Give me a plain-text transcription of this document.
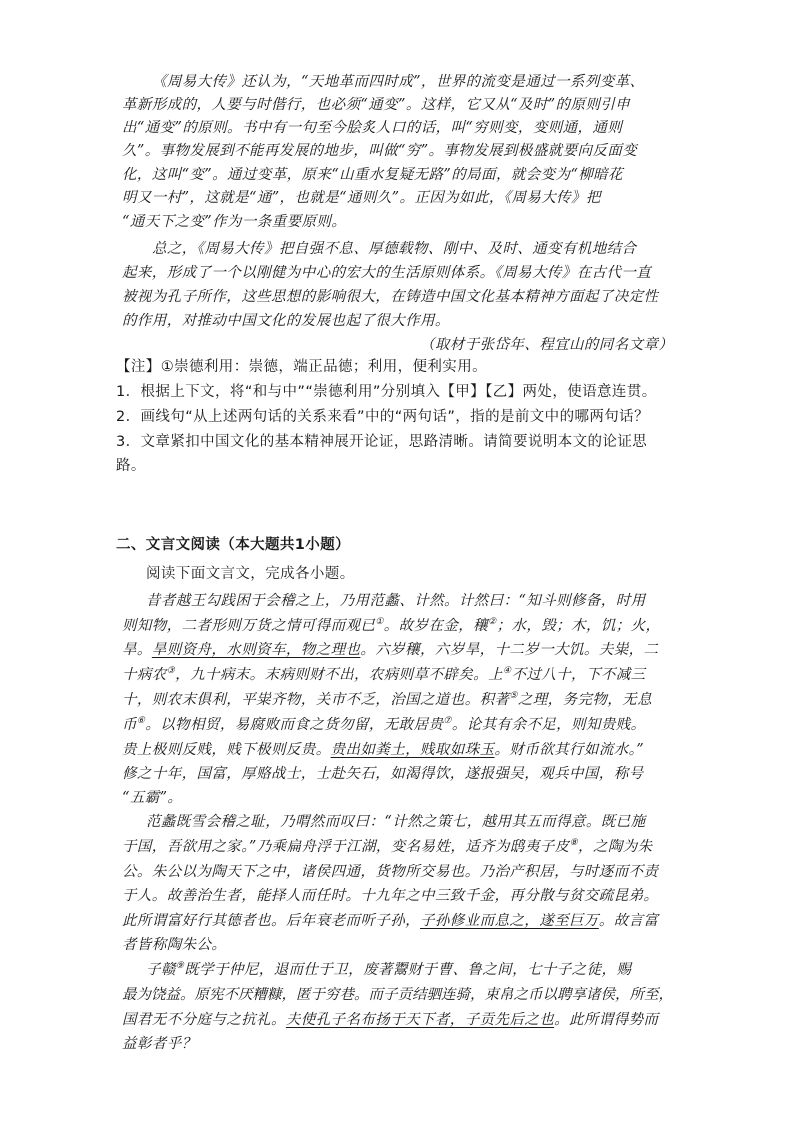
《周易大传》还认为，“天地革而四时成”，世界的流变是通过一系列变革、
革新形成的，人要与时偕行，也必须“通变”。这样，它又从“及时”的原则引申
出“通变”的原则。书中有一句至今脍炙人口的话，叫“穷则变，变则通，通则
久”。事物发展到不能再发展的地步，叫做“穷”。事物发展到极盛就要向反面变
化，这叫“变”。通过变革，原来“山重水复疑无路”的局面，就会变为“柳暗花
明又一村”，这就是“通”，也就是“通则久”。正因为如此，《周易大传》把
“通天下之变”作为一条重要原则。
总之，《周易大传》把自强不息、厚德载物、刚中、及时、通变有机地结合
起来，形成了一个以刚健为中心的宏大的生活原则体系。《周易大传》在古代一直
被视为孔子所作，这些思想的影响很大，在铸造中国文化基本精神方面起了决定性
的作用，对推动中国文化的发展也起了很大作用。
（取材于张岱年、程宜山的同名文章）
【注】①崇德利用：崇德，端正品德；利用，便利实用。
1．根据上下文，将“和与中”“崇德利用”分别填入【甲】【乙】两处，使语意连贯。
2．画线句“从上述两句话的关系来看”中的“两句话”，指的是前文中的哪两句话？
3．文章紧扣中国文化的基本精神展开论证，思路清晰。请简要说明本文的论证思
路。
二、文言文阅读（本大题共1小题）
阅读下面文言文，完成各小题。
昔者越王勾践困于会稽之上，乃用范蠡、计然。计然曰：“知斗则修备，时用
则知物，二者形则万货之情可得而观已①。故岁在金，穰②；水，毁；木，饥；火，
旱。旱则资舟，水则资车，物之理也。六岁穰，六岁旱，十二岁一大饥。夫粜，二
十病农③，九十病末。末病则财不出，农病则草不辟矣。上④不过八十，下不减三
十，则农末俱利，平粜齐物，关市不乏，治国之道也。积著⑤之理，务完物，无息
币⑥。以物相贸，易腐败而食之货勿留，无敢居贵⑦。论其有余不足，则知贵贱。
贵上极则反贱，贱下极则反贵。贵出如粪土，贱取如珠玉。财币欲其行如流水。”
修之十年，国富，厚赂战士，士赴矢石，如渴得饮，遂报强吴，观兵中国，称号
“五霸”。
范蠡既雪会稽之耻，乃喟然而叹曰：“计然之策七，越用其五而得意。既已施
于国，吾欲用之家。”乃乘扁舟浮于江湖，变名易姓，适齐为鸱夷子皮⑧，之陶为朱
公。朱公以为陶天下之中，诸侯四通，货物所交易也。乃治产积居，与时逐而不责
于人。故善治生者，能择人而任时。十九年之中三致千金，再分散与贫交疏昆弟。
此所谓富好行其德者也。后年衰老而听子孙，子孙修业而息之，遂至巨万。故言富
者皆称陶朱公。
子赣⑨既学于仲尼，退而仕于卫，废著鬻财于曹、鲁之间，七十子之徒，赐
最为饶益。原宪不厌糟糠，匿于穷巷。而子贡结驷连骑，束帛之币以聘享诸侯，所至，
国君无不分庭与之抗礼。夫使孔子名布扬于天下者，子贡先后之也。此所谓得势而
益彰者乎？
